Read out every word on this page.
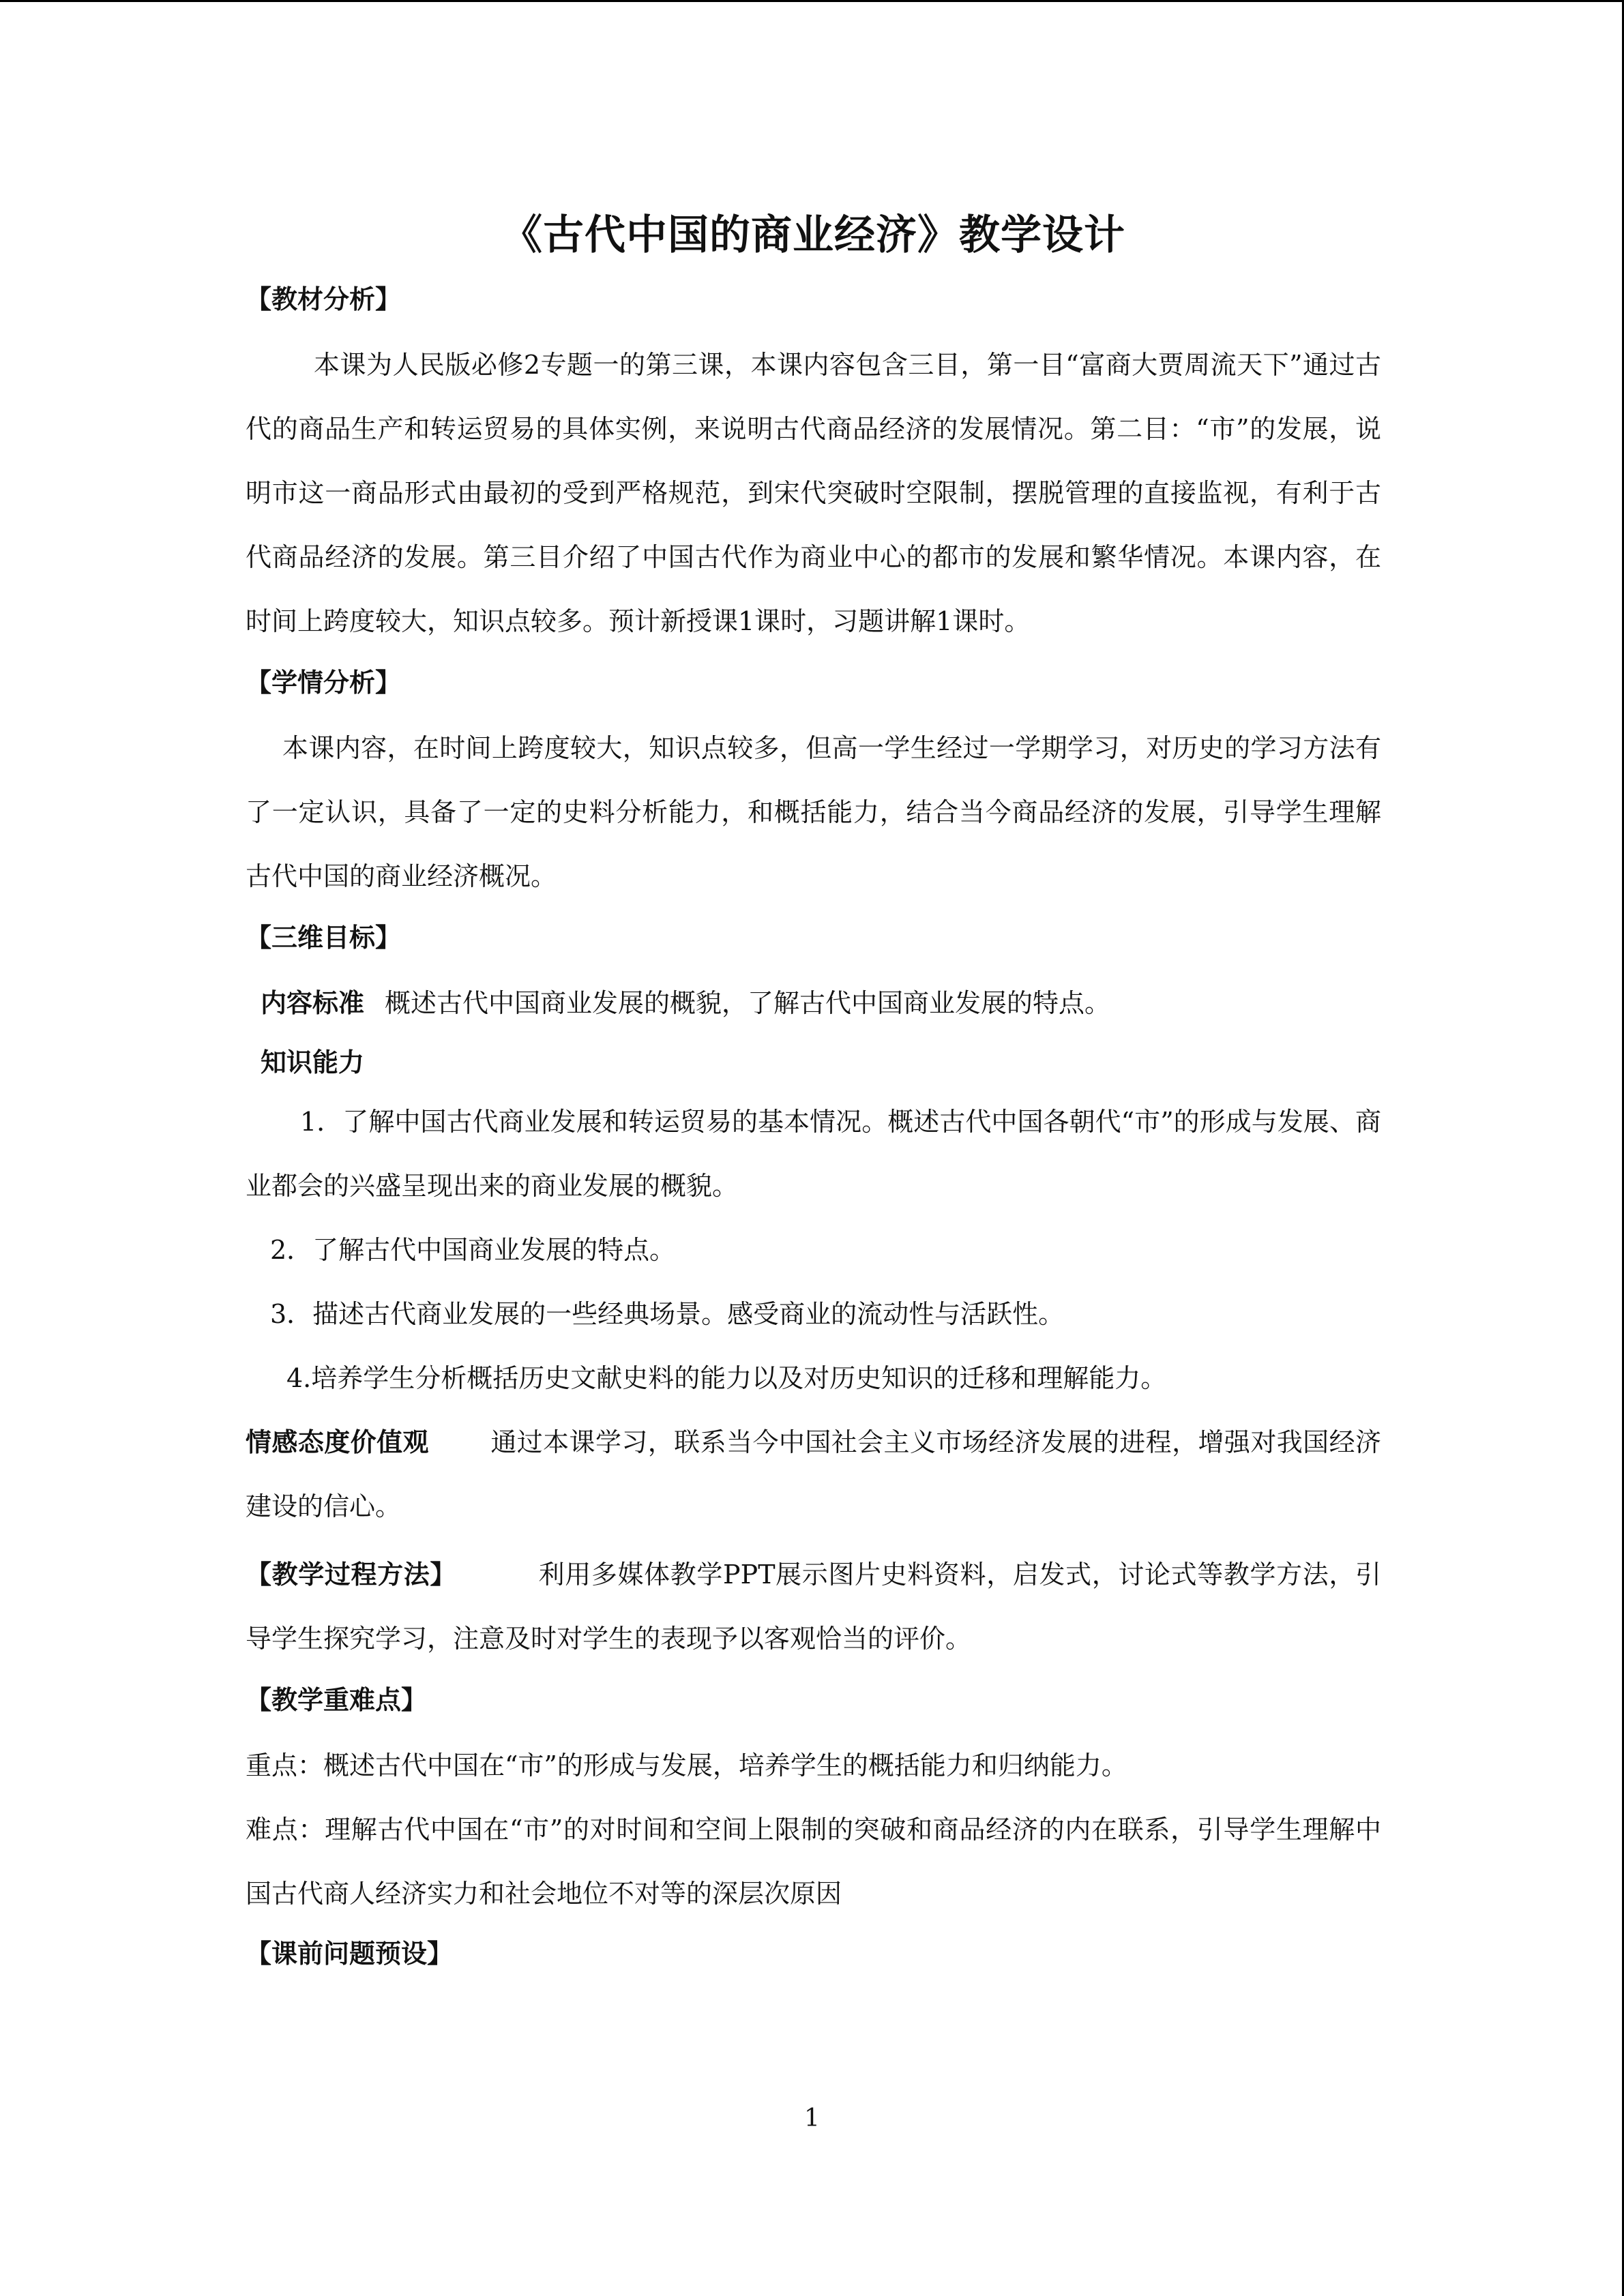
《古代中国的商业经济》教学设计
【教材分析】

本课为人民版必修2专题一的第三课，本课内容包含三目，第一目“富商大贾周流天下”通过古代的商品生产和转运贸易的具体实例，来说明古代商品经济的发展情况。第二目：“市”的发展，说明市这一商品形式由最初的受到严格规范，到宋代突破时空限制，摆脱管理的直接监视，有利于古代商品经济的发展。第三目介绍了中国古代作为商业中心的都市的发展和繁华情况。本课内容，在时间上跨度较大，知识点较多。预计新授课1课时，习题讲解1课时。

【学情分析】

本课内容，在时间上跨度较大，知识点较多，但高一学生经过一学期学习，对历史的学习方法有了一定认识，具备了一定的史料分析能力，和概括能力，结合当今商品经济的发展，引导学生理解古代中国的商业经济概况。

【三维目标】

内容标准 概述古代中国商业发展的概貌，了解古代中国商业发展的特点。

知识能力

1．了解中国古代商业发展和转运贸易的基本情况。概述古代中国各朝代“市”的形成与发展、商业都会的兴盛呈现出来的商业发展的概貌。

2．了解古代中国商业发展的特点。

3．描述古代商业发展的一些经典场景。感受商业的流动性与活跃性。

4.培养学生分析概括历史文献史料的能力以及对历史知识的迁移和理解能力。

情感态度价值观 通过本课学习，联系当今中国社会主义市场经济发展的进程，增强对我国经济建设的信心。

【教学过程方法】	利用多媒体教学PPT展示图片史料资料，启发式，讨论式等教学方法，引导学生探究学习，注意及时对学生的表现予以客观恰当的评价。

【教学重难点】

重点：概述古代中国在“市”的形成与发展，培养学生的概括能力和归纳能力。

难点：理解古代中国在“市”的对时间和空间上限制的突破和商品经济的内在联系，引导学生理解中国古代商人经济实力和社会地位不对等的深层次原因

【课前问题预设】
1
